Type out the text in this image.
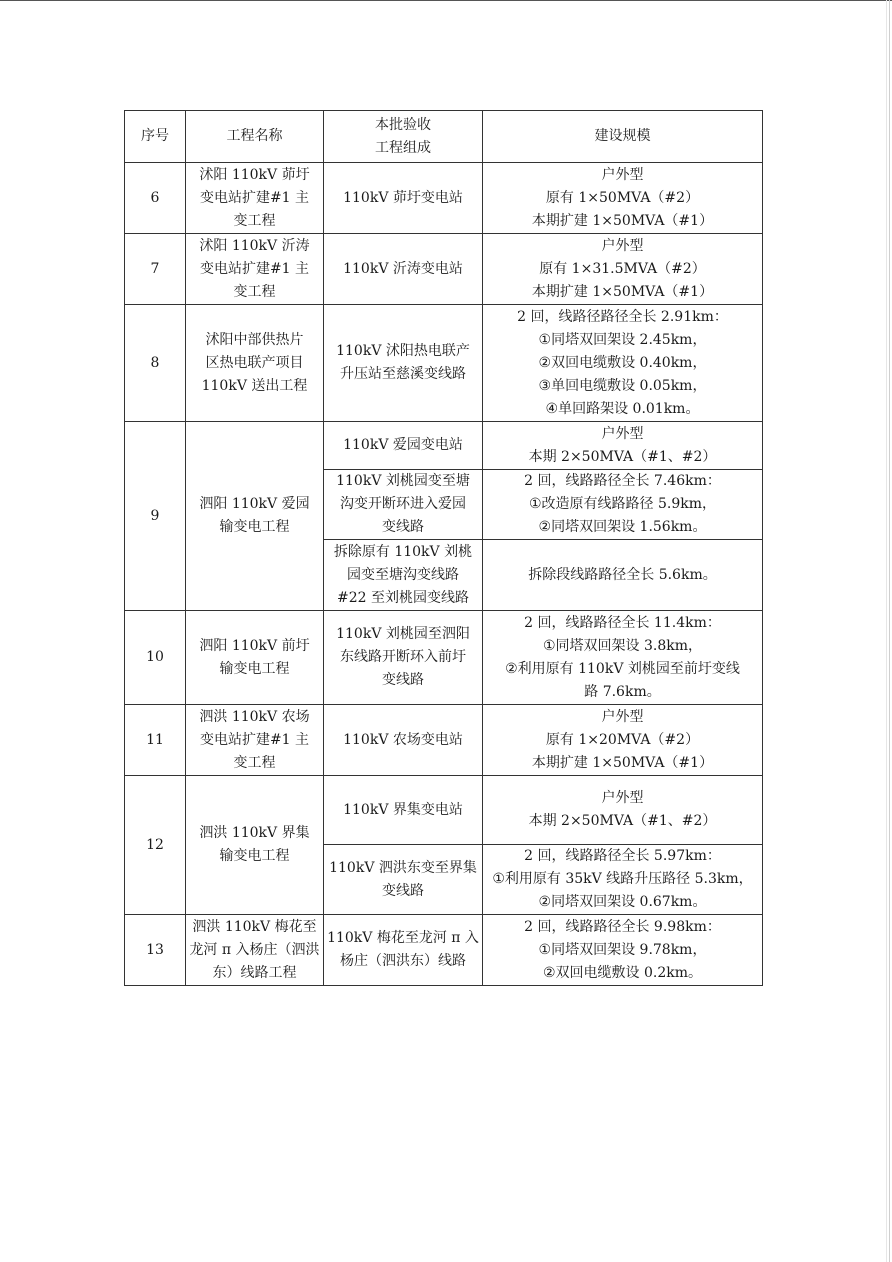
序号	工程名称	本批验收
工程组成	建设规模
6	沭阳 110kV 茆圩
变电站扩建#1 主
变工程	110kV 茆圩变电站	户外型
原有 1×50MVA（#2）
本期扩建 1×50MVA（#1）
7	沭阳 110kV 沂涛
变电站扩建#1 主
变工程	110kV 沂涛变电站	户外型
原有 1×31.5MVA（#2）
本期扩建 1×50MVA（#1）
8	沭阳中部供热片
区热电联产项目
110kV 送出工程	110kV 沭阳热电联产
升压站至慈溪变线路	2 回，线路径路径全长 2.91km：
①同塔双回架设 2.45km，
②双回电缆敷设 0.40km，
③单回电缆敷设 0.05km，
④单回路架设 0.01km。
9	泗阳 110kV 爱园
输变电工程	110kV 爱园变电站	户外型
本期 2×50MVA（#1、#2）
		110kV 刘桃园变至塘
沟变开断环进入爱园
变线路	2 回，线路路径全长 7.46km：
①改造原有线路路径 5.9km，
②同塔双回架设 1.56km。
		拆除原有 110kV 刘桃
园变至塘沟变线路
#22 至刘桃园变线路	拆除段线路路径全长 5.6km。
10	泗阳 110kV 前圩
输变电工程	110kV 刘桃园至泗阳
东线路开断环入前圩
变线路	2 回，线路路径全长 11.4km：
①同塔双回架设 3.8km，
②利用原有 110kV 刘桃园至前圩变线
路 7.6km。
11	泗洪 110kV 农场
变电站扩建#1 主
变工程	110kV 农场变电站	户外型
原有 1×20MVA（#2）
本期扩建 1×50MVA（#1）
12	泗洪 110kV 界集
输变电工程	110kV 界集变电站	户外型
本期 2×50MVA（#1、#2）
		110kV 泗洪东变至界集
变线路	2 回，线路路径全长 5.97km：
①利用原有 35kV 线路升压路径 5.3km，
②同塔双回架设 0.67km。
13	泗洪 110kV 梅花至
龙河 π 入杨庄（泗洪
东）线路工程	110kV 梅花至龙河 π 入
杨庄（泗洪东）线路	2 回，线路路径全长 9.98km：
①同塔双回架设 9.78km，
②双回电缆敷设 0.2km。
